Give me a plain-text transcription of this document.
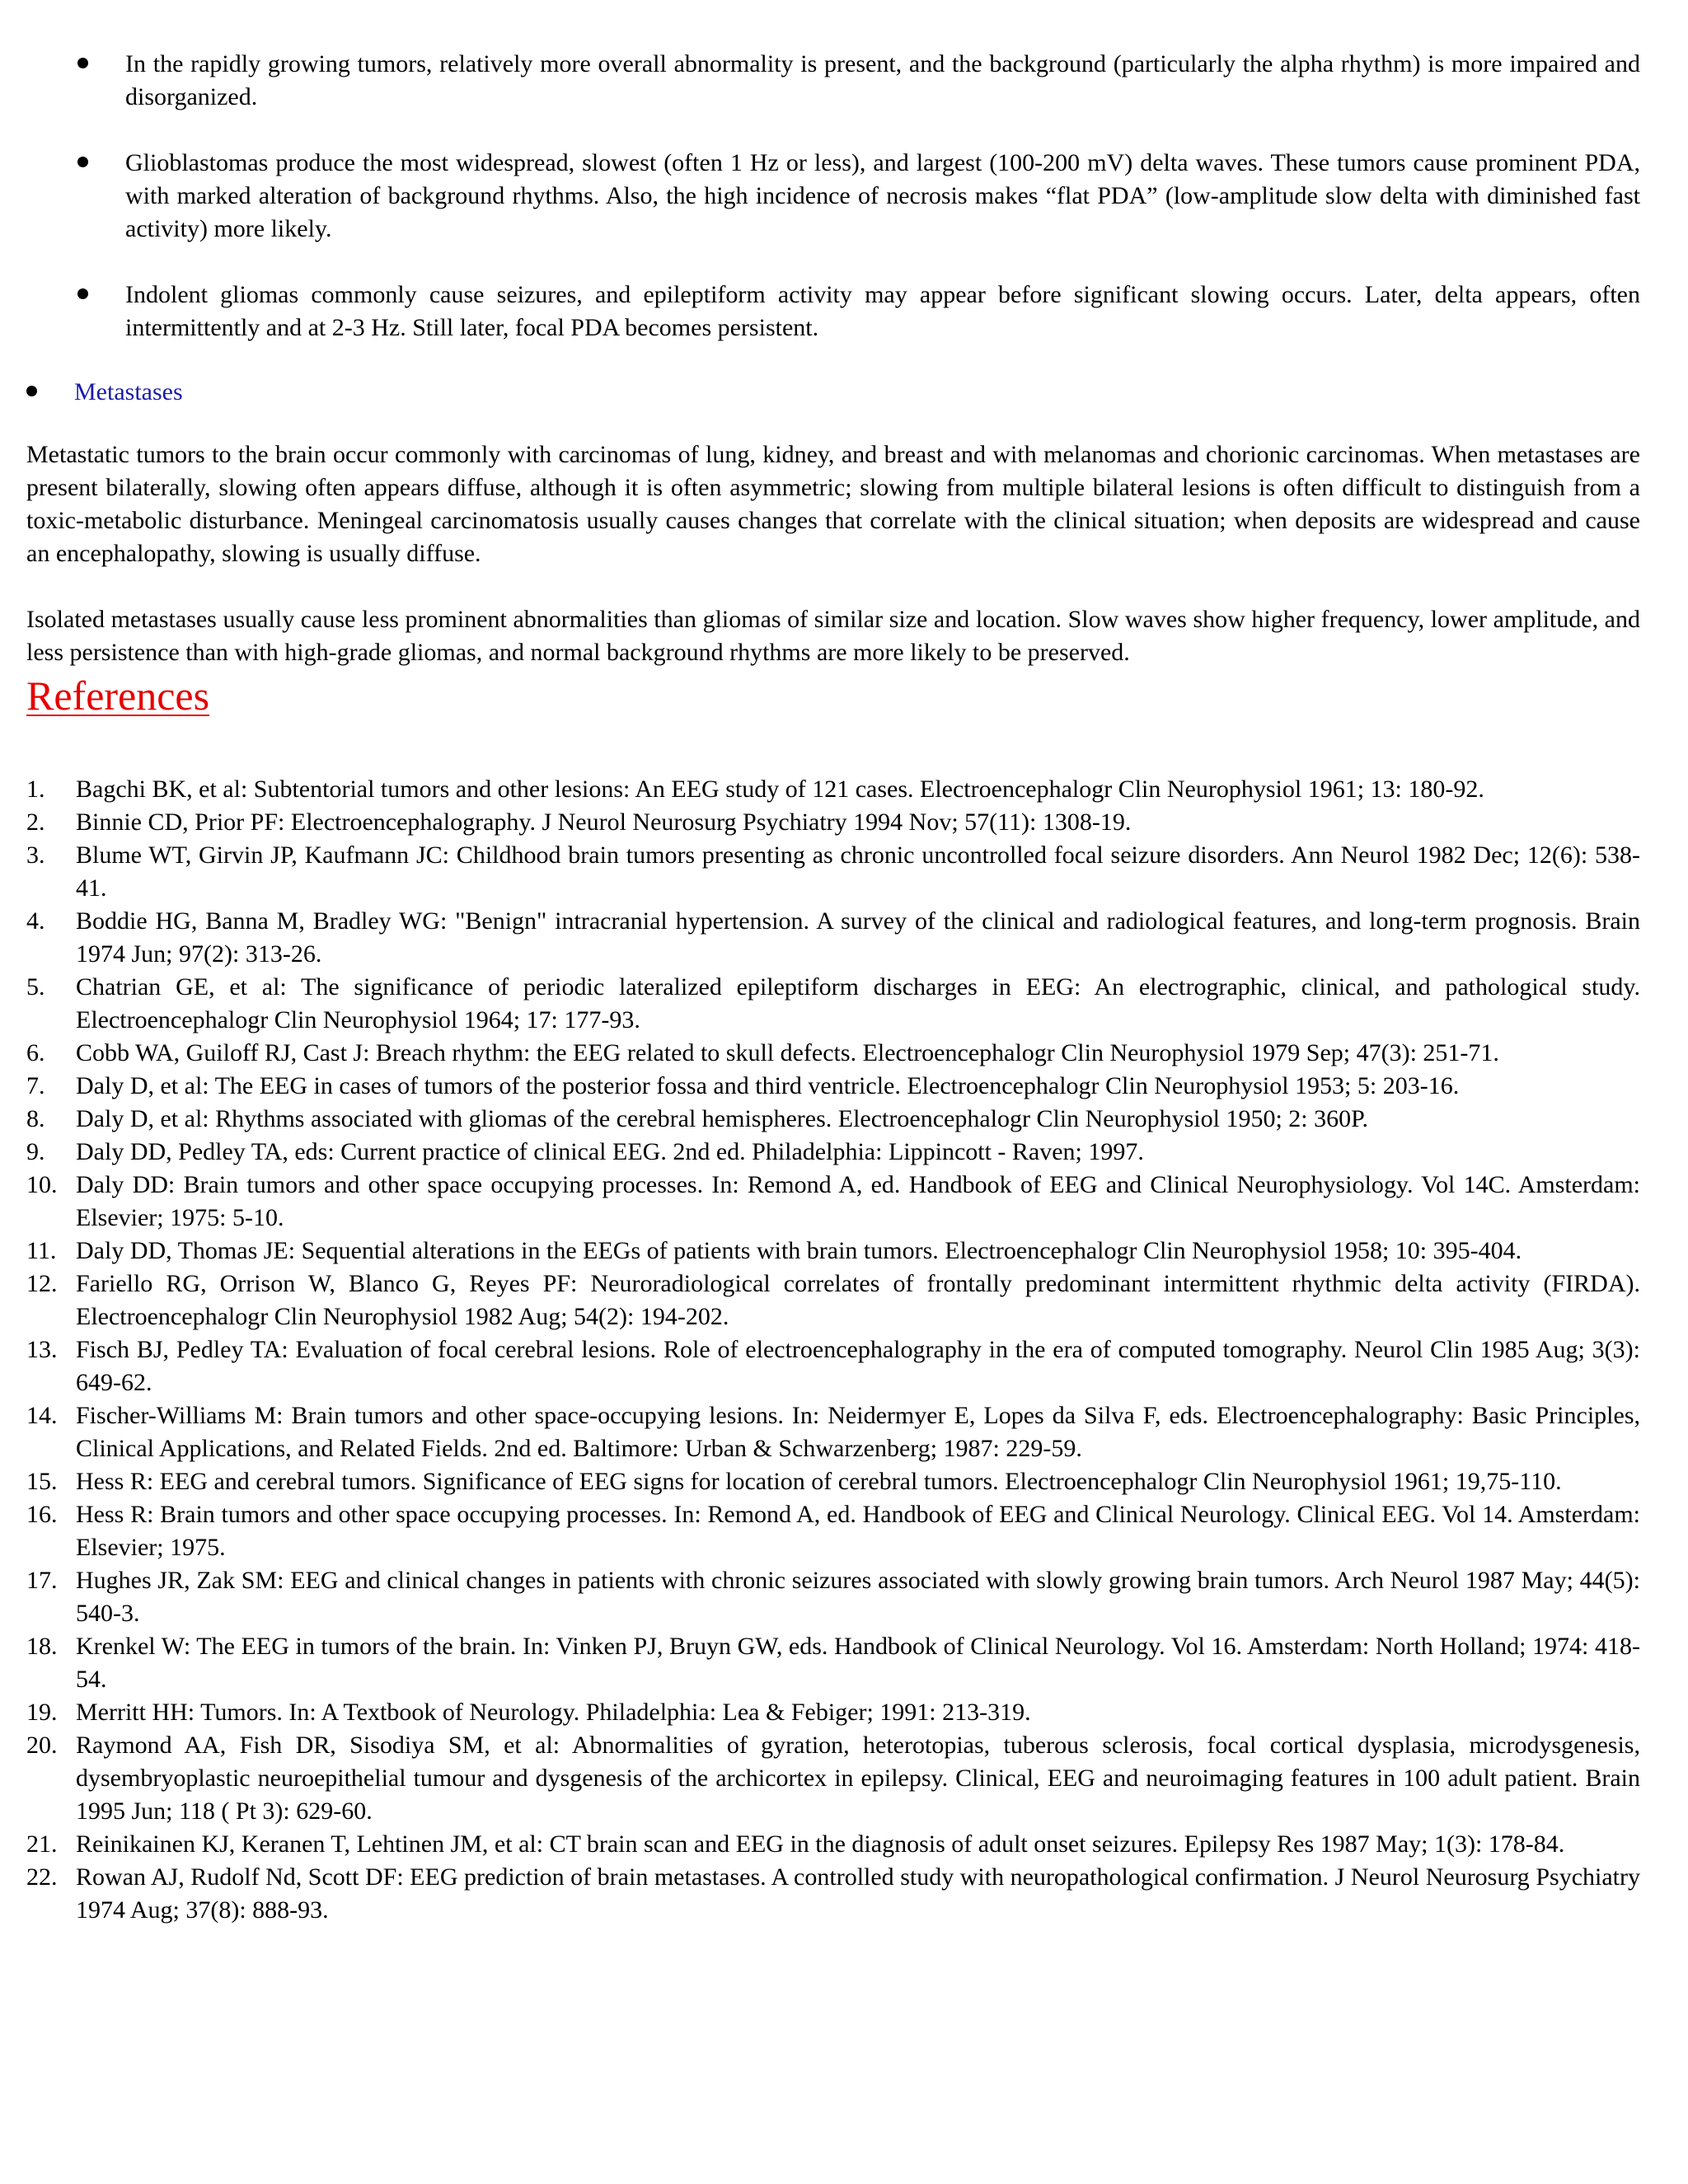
In the rapidly growing tumors, relatively more overall abnormality is present, and the background (particularly the alpha rhythm) is more impaired and disorganized.
Glioblastomas produce the most widespread, slowest (often 1 Hz or less), and largest (100-200 mV) delta waves. These tumors cause prominent PDA, with marked alteration of background rhythms. Also, the high incidence of necrosis makes “flat PDA” (low-amplitude slow delta with diminished fast activity) more likely.
Indolent gliomas commonly cause seizures, and epileptiform activity may appear before significant slowing occurs. Later, delta appears, often intermittently and at 2-3 Hz. Still later, focal PDA becomes persistent.
Metastases

Metastatic tumors to the brain occur commonly with carcinomas of lung, kidney, and breast and with melanomas and chorionic carcinomas. When metastases are present bilaterally, slowing often appears diffuse, although it is often asymmetric; slowing from multiple bilateral lesions is often difficult to distinguish from a toxic-metabolic disturbance. Meningeal carcinomatosis usually causes changes that correlate with the clinical situation; when deposits are widespread and cause an encephalopathy, slowing is usually diffuse.

Isolated metastases usually cause less prominent abnormalities than gliomas of similar size and location. Slow waves show higher frequency, lower amplitude, and less persistence than with high-grade gliomas, and normal background rhythms are more likely to be preserved.

References
1.	Bagchi BK, et al: Subtentorial tumors and other lesions: An EEG study of 121 cases. Electroencephalogr Clin Neurophysiol 1961; 13: 180-92.
2.	Binnie CD, Prior PF: Electroencephalography. J Neurol Neurosurg Psychiatry 1994 Nov; 57(11): 1308-19.
3.	Blume WT, Girvin JP, Kaufmann JC: Childhood brain tumors presenting as chronic uncontrolled focal seizure disorders. Ann Neurol 1982 Dec; 12(6): 538-41.
4.	Boddie HG, Banna M, Bradley WG: "Benign" intracranial hypertension. A survey of the clinical and radiological features, and long-term prognosis. Brain 1974 Jun; 97(2): 313-26.
5.	Chatrian GE, et al: The significance of periodic lateralized epileptiform discharges in EEG: An electrographic, clinical, and pathological study. Electroencephalogr Clin Neurophysiol 1964; 17: 177-93.
6.	Cobb WA, Guiloff RJ, Cast J: Breach rhythm: the EEG related to skull defects. Electroencephalogr Clin Neurophysiol 1979 Sep; 47(3): 251-71.
7.	Daly D, et al: The EEG in cases of tumors of the posterior fossa and third ventricle. Electroencephalogr Clin Neurophysiol 1953; 5: 203-16.
8.	Daly D, et al: Rhythms associated with gliomas of the cerebral hemispheres. Electroencephalogr Clin Neurophysiol 1950; 2: 360P.
9.	Daly DD, Pedley TA, eds: Current practice of clinical EEG. 2nd ed. Philadelphia: Lippincott - Raven; 1997.
10. Daly DD: Brain tumors and other space occupying processes. In: Remond A, ed. Handbook of EEG and Clinical Neurophysiology. Vol 14C. Amsterdam: Elsevier; 1975: 5-10.
11. Daly DD, Thomas JE: Sequential alterations in the EEGs of patients with brain tumors. Electroencephalogr Clin Neurophysiol 1958; 10: 395-404.
12. Fariello RG, Orrison W, Blanco G, Reyes PF: Neuroradiological correlates of frontally predominant intermittent rhythmic delta activity (FIRDA). Electroencephalogr Clin Neurophysiol 1982 Aug; 54(2): 194-202.
13. Fisch BJ, Pedley TA: Evaluation of focal cerebral lesions. Role of electroencephalography in the era of computed tomography. Neurol Clin 1985 Aug; 3(3): 649-62.
14. Fischer-Williams M: Brain tumors and other space-occupying lesions. In: Neidermyer E, Lopes da Silva F, eds. Electroencephalography: Basic Principles, Clinical Applications, and Related Fields. 2nd ed. Baltimore: Urban & Schwarzenberg; 1987: 229-59.
15. Hess R: EEG and cerebral tumors. Significance of EEG signs for location of cerebral tumors. Electroencephalogr Clin Neurophysiol 1961; 19,75-110.
16. Hess R: Brain tumors and other space occupying processes. In: Remond A, ed. Handbook of EEG and Clinical Neurology. Clinical EEG. Vol 14. Amsterdam: Elsevier; 1975.
17. Hughes JR, Zak SM: EEG and clinical changes in patients with chronic seizures associated with slowly growing brain tumors. Arch Neurol 1987 May; 44(5): 540-3.
18. Krenkel W: The EEG in tumors of the brain. In: Vinken PJ, Bruyn GW, eds. Handbook of Clinical Neurology. Vol 16. Amsterdam: North Holland; 1974: 418-54.
19. Merritt HH: Tumors. In: A Textbook of Neurology. Philadelphia: Lea & Febiger; 1991: 213-319.
20. Raymond AA, Fish DR, Sisodiya SM, et al: Abnormalities of gyration, heterotopias, tuberous sclerosis, focal cortical dysplasia, microdysgenesis, dysembryoplastic neuroepithelial tumour and dysgenesis of the archicortex in epilepsy. Clinical, EEG and neuroimaging features in 100 adult patient. Brain 1995 Jun; 118 ( Pt 3): 629-60.
21. Reinikainen KJ, Keranen T, Lehtinen JM, et al: CT brain scan and EEG in the diagnosis of adult onset seizures. Epilepsy Res 1987 May; 1(3): 178-84.
22. Rowan AJ, Rudolf Nd, Scott DF: EEG prediction of brain metastases. A controlled study with neuropathological confirmation. J Neurol Neurosurg Psychiatry 1974 Aug; 37(8): 888-93.
